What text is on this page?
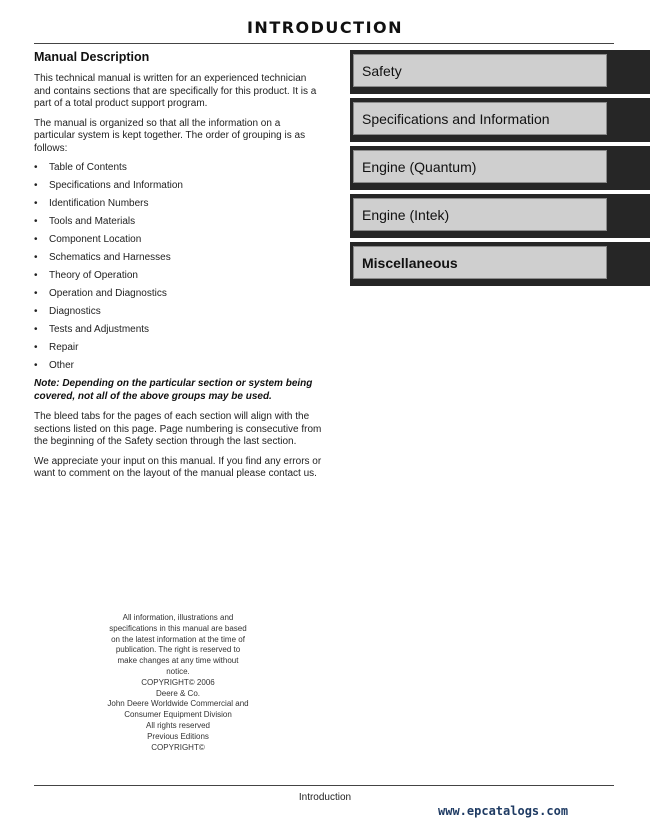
INTRODUCTION
Manual Description

This technical manual is written for an experienced technician and contains sections that are specifically for this product. It is a part of a total product support program.

The manual is organized so that all the information on a particular system is kept together. The order of grouping is as follows:

•	Table of Contents
•	Specifications and Information
•	Identification Numbers
•	Tools and Materials
•	Component Location
•	Schematics and Harnesses
•	Theory of Operation
•	Operation and Diagnostics
•	Diagnostics
•	Tests and Adjustments
•	Repair
•	Other

Note: Depending on the particular section or system being covered, not all of the above groups may be used.

The bleed tabs for the pages of each section will align with the sections listed on this page. Page numbering is consecutive from the beginning of the Safety section through the last section.

We appreciate your input on this manual. If you find any errors or want to comment on the layout of the manual please contact us.

Safety
Specifications and Information
Engine (Quantum)
Engine (Intek)
Miscellaneous
All information, illustrations and
specifications in this manual are based
on the latest information at the time of
publication. The right is reserved to
make changes at any time without
notice.
COPYRIGHT© 2006
Deere & Co.
John Deere Worldwide Commercial and
Consumer Equipment Division
All rights reserved
Previous Editions
COPYRIGHT©
Introduction
www.epcatalogs.com
